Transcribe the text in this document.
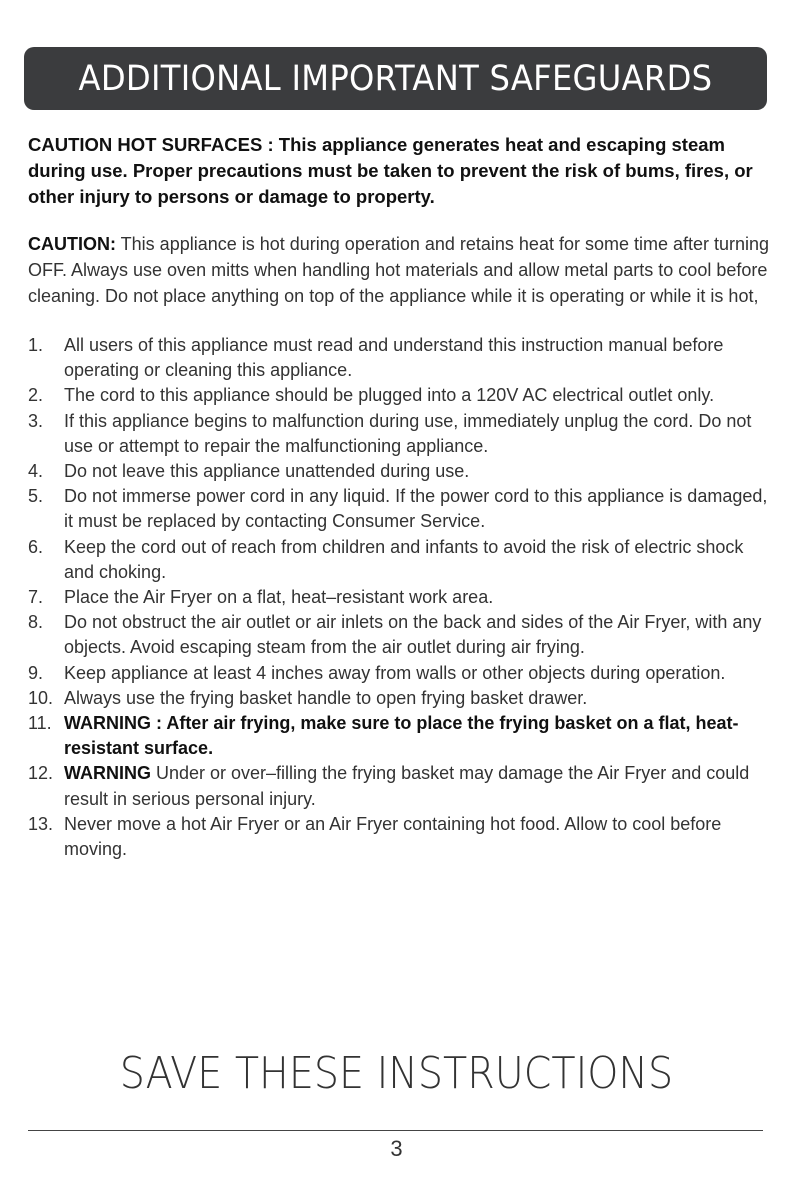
ADDITIONAL IMPORTANT SAFEGUARDS
CAUTION HOT SURFACES : This appliance generates heat and escaping steam during use. Proper precautions must be taken to prevent the risk of bums, fires, or other injury to persons or damage to property.
CAUTION: This appliance is hot during operation and retains heat for some time after turning OFF. Always use oven mitts when handling hot materials and allow metal parts to cool before cleaning. Do not place anything on top of the appliance while it is operating or while it is hot,
1.	All users of this appliance must read and understand this instruction manual before operating or cleaning this appliance.
2.	The cord to this appliance should be plugged into a 120V AC electrical outlet only.
3.	If this appliance begins to malfunction during use, immediately unplug the cord. Do not use or attempt to repair the malfunctioning appliance.
4.	Do not leave this appliance unattended during use.
5.	Do not immerse power cord in any liquid. If the power cord to this appliance is damaged, it must be replaced by contacting Consumer Service.
6.	Keep the cord out of reach from children and infants to avoid the risk of electric shock and choking.
7.	Place the Air Fryer on a flat, heat–resistant work area.
8.	Do not obstruct the air outlet or air inlets on the back and sides of the Air Fryer, with any objects. Avoid escaping steam from the air outlet during air frying.
9.	Keep appliance at least 4 inches away from walls or other objects during operation.
10. Always use the frying basket handle to open frying basket drawer.
11. WARNING : After air frying, make sure to place the frying basket on a flat, heat-resistant surface.
12. WARNING Under or over–filling the frying basket may damage the Air Fryer and could result in serious personal injury.
13. Never move a hot Air Fryer or an Air Fryer containing hot food. Allow to cool before moving.
SAVE THESE INSTRUCTIONS
3
